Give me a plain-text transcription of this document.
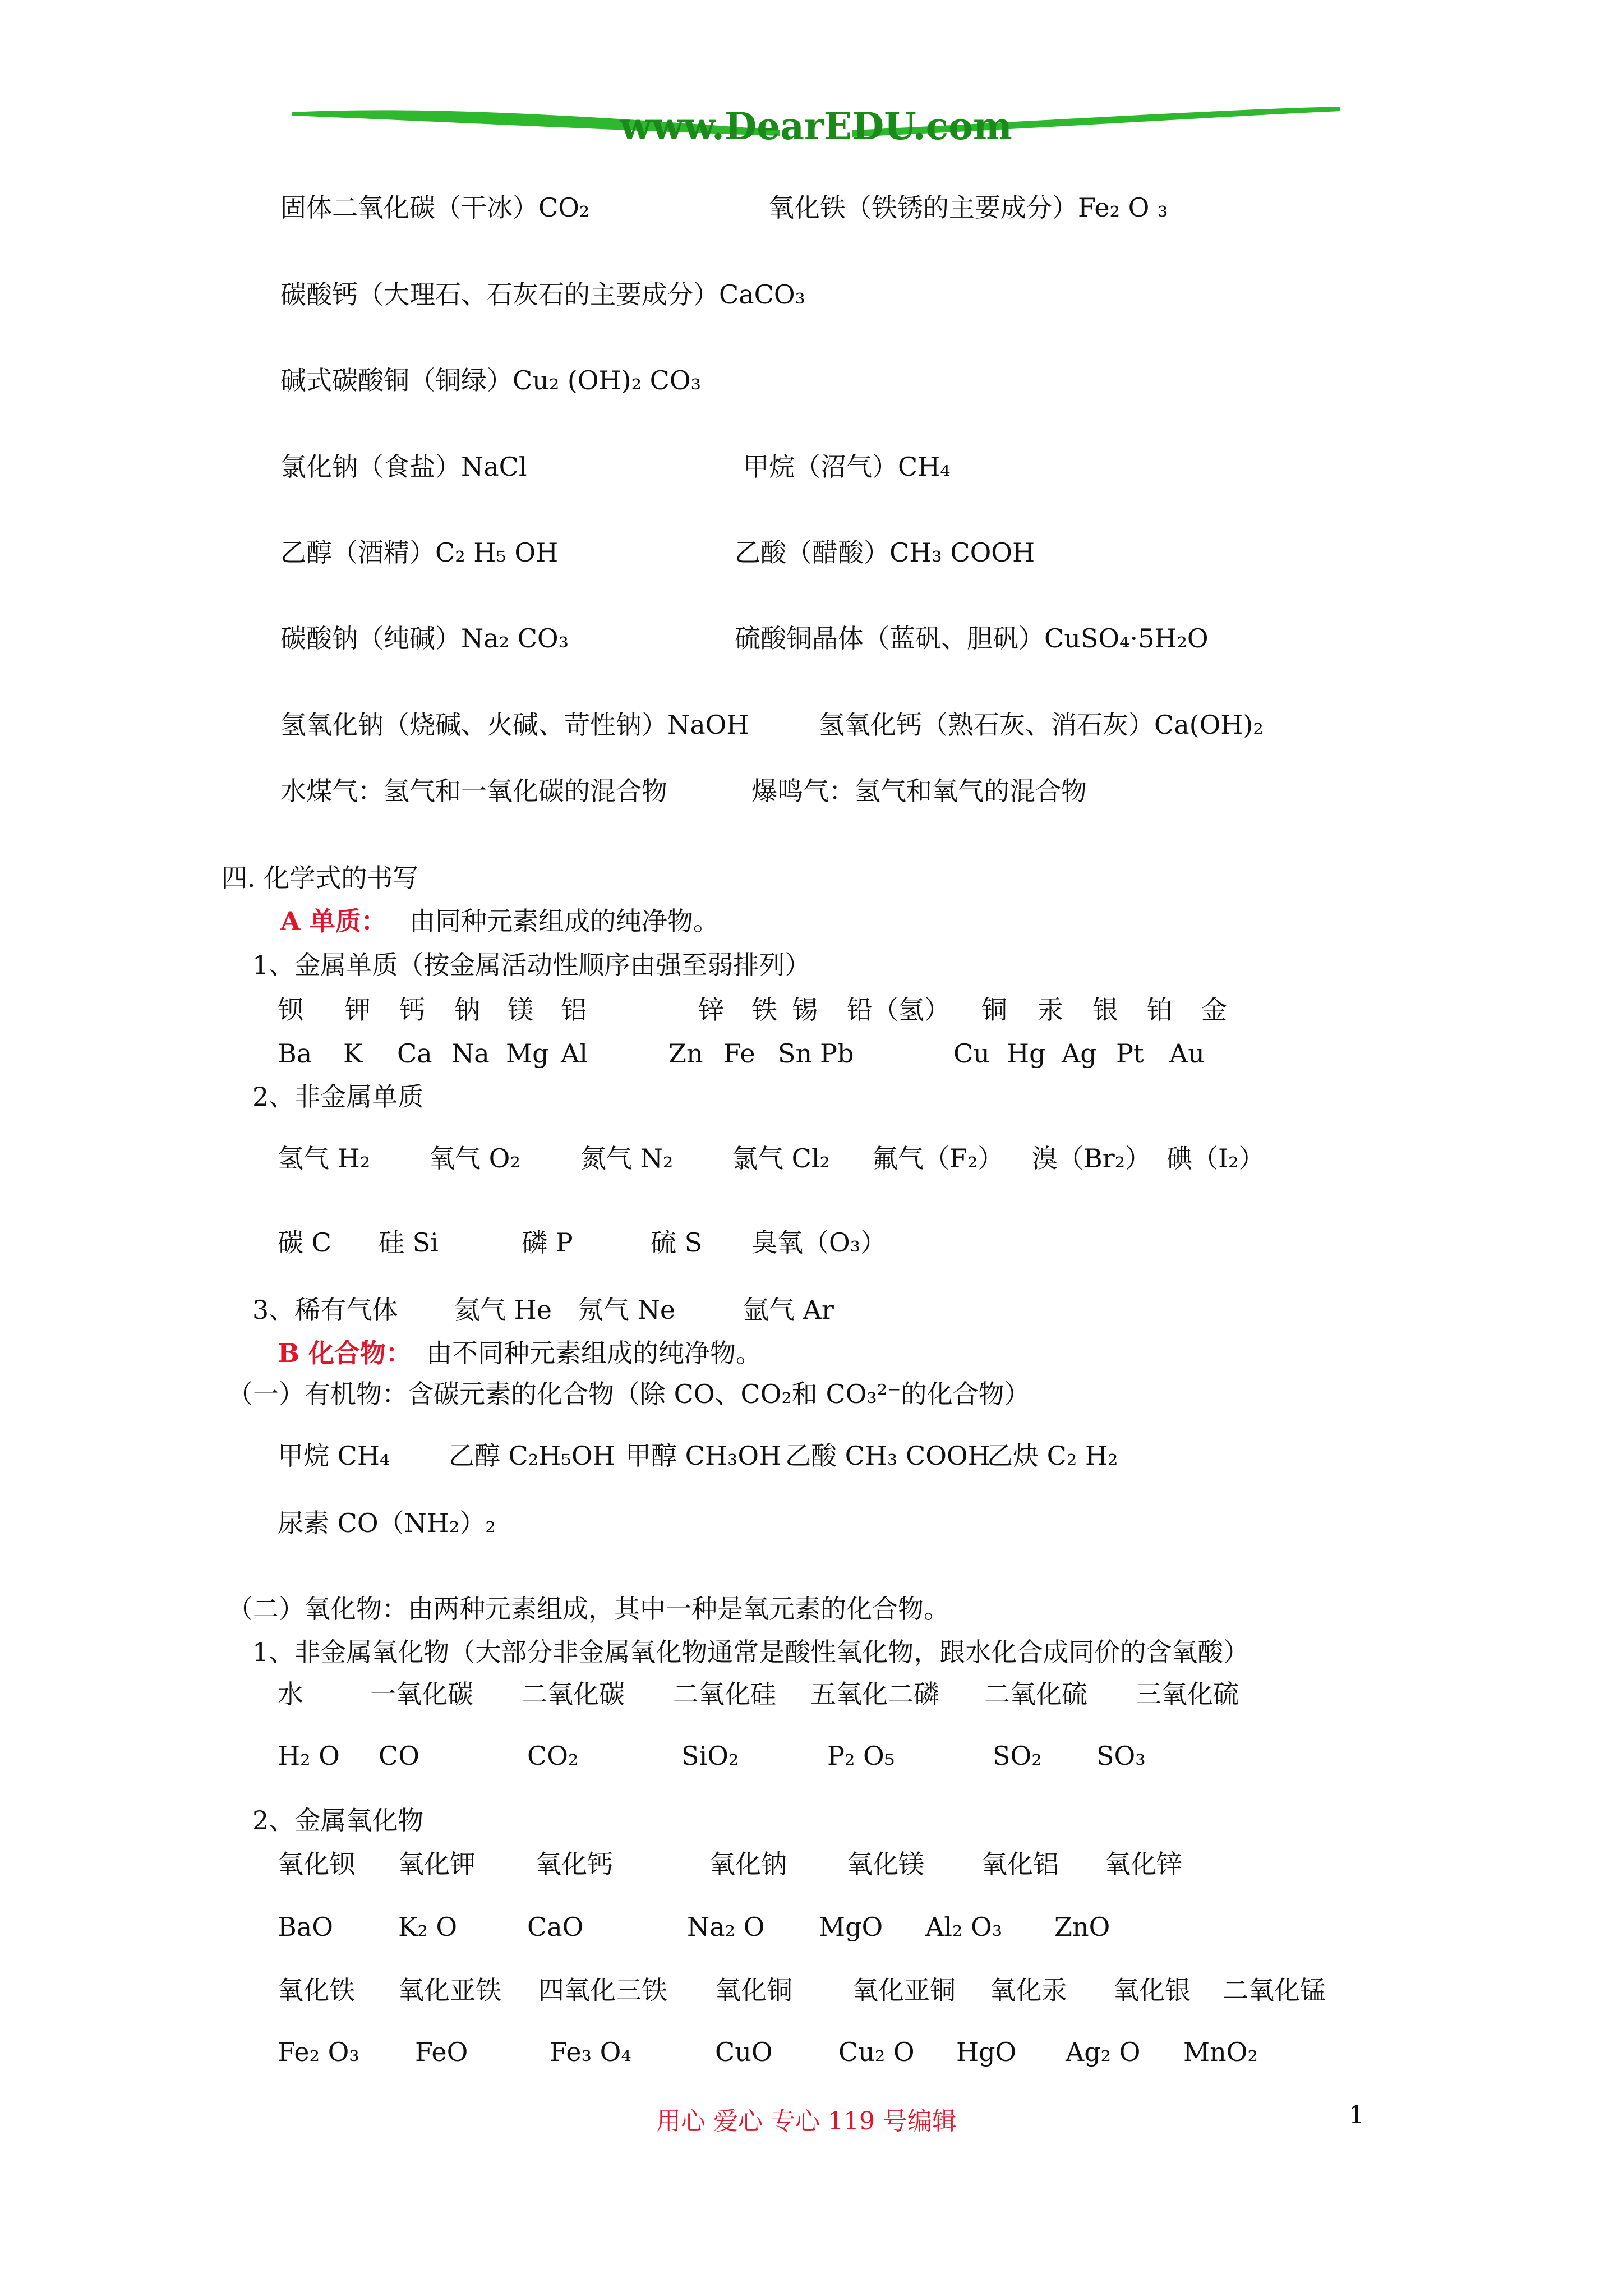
www.DearEDU.com
固体二氧化碳（干冰）CO₂	氧化铁（铁锈的主要成分）Fe₂ O ₃
碳酸钙（大理石、石灰石的主要成分）CaCO₃
碱式碳酸铜（铜绿）Cu₂ (OH)₂ CO₃
氯化钠（食盐）NaCl	甲烷（沼气）CH₄
乙醇（酒精）C₂ H₅ OH	乙酸（醋酸）CH₃ COOH
碳酸钠（纯碱）Na₂ CO₃	硫酸铜晶体（蓝矾、胆矾）CuSO₄·5H₂O
氢氧化钠（烧碱、火碱、苛性钠）NaOH	氢氧化钙（熟石灰、消石灰）Ca(OH)₂
水煤气：氢气和一氧化碳的混合物	爆鸣气：氢气和氧气的混合物
四. 化学式的书写
A 单质： 由同种元素组成的纯净物。
1、金属单质（按金属活动性顺序由强至弱排列）
钡 钾 钙 钠 镁 铝	锌 铁 锡 铅（氢） 铜 汞 银 铂 金
Ba K Ca Na Mg Al	Zn Fe Sn Pb	Cu Hg Ag Pt Au
2、非金属单质
氢气 H₂ 氧气 O₂ 氮气 N₂ 氯气 Cl₂ 氟气（F₂） 溴（Br₂） 碘（I₂）
碳 C 硅 Si	磷 P	硫 S 臭氧（O₃）
3、稀有气体 氦气 He 氖气 Ne	氩气 Ar
B 化合物： 由不同种元素组成的纯净物。
（一）有机物：含碳元素的化合物（除 CO、CO₂和 CO₃²⁻的化合物）
甲烷 CH₄ 乙醇 C₂H₅OH 甲醇 CH₃OH 乙酸 CH₃ COOH
乙炔 C₂ H₂
尿素 CO（NH₂）₂
（二）氧化物：由两种元素组成，其中一种是氧元素的化合物。
1、非金属氧化物（大部分非金属氧化物通常是酸性氧化物，跟水化合成同价的含氧酸）
水	一氧化碳 二氧化碳 二氧化硅 五氧化二磷 二氧化硫 三氧化硫
H₂ O CO	CO₂	SiO₂	P₂ O₅	SO₂ SO₃
2、金属氧化物
氧化钡 氧化钾 氧化钙	氧化钠 氧化镁 氧化铝 氧化锌
BaO	K₂ O	CaO	Na₂ O MgO Al₂ O₃ ZnO
氧化铁 氧化亚铁 四氧化三铁 氧化铜 氧化亚铜 氧化汞 氧化银 二氧化锰
Fe₂ O₃ FeO	Fe₃ O₄	CuO	Cu₂ O HgO Ag₂ O MnO₂
用心 爱心 专心 119 号编辑	1
